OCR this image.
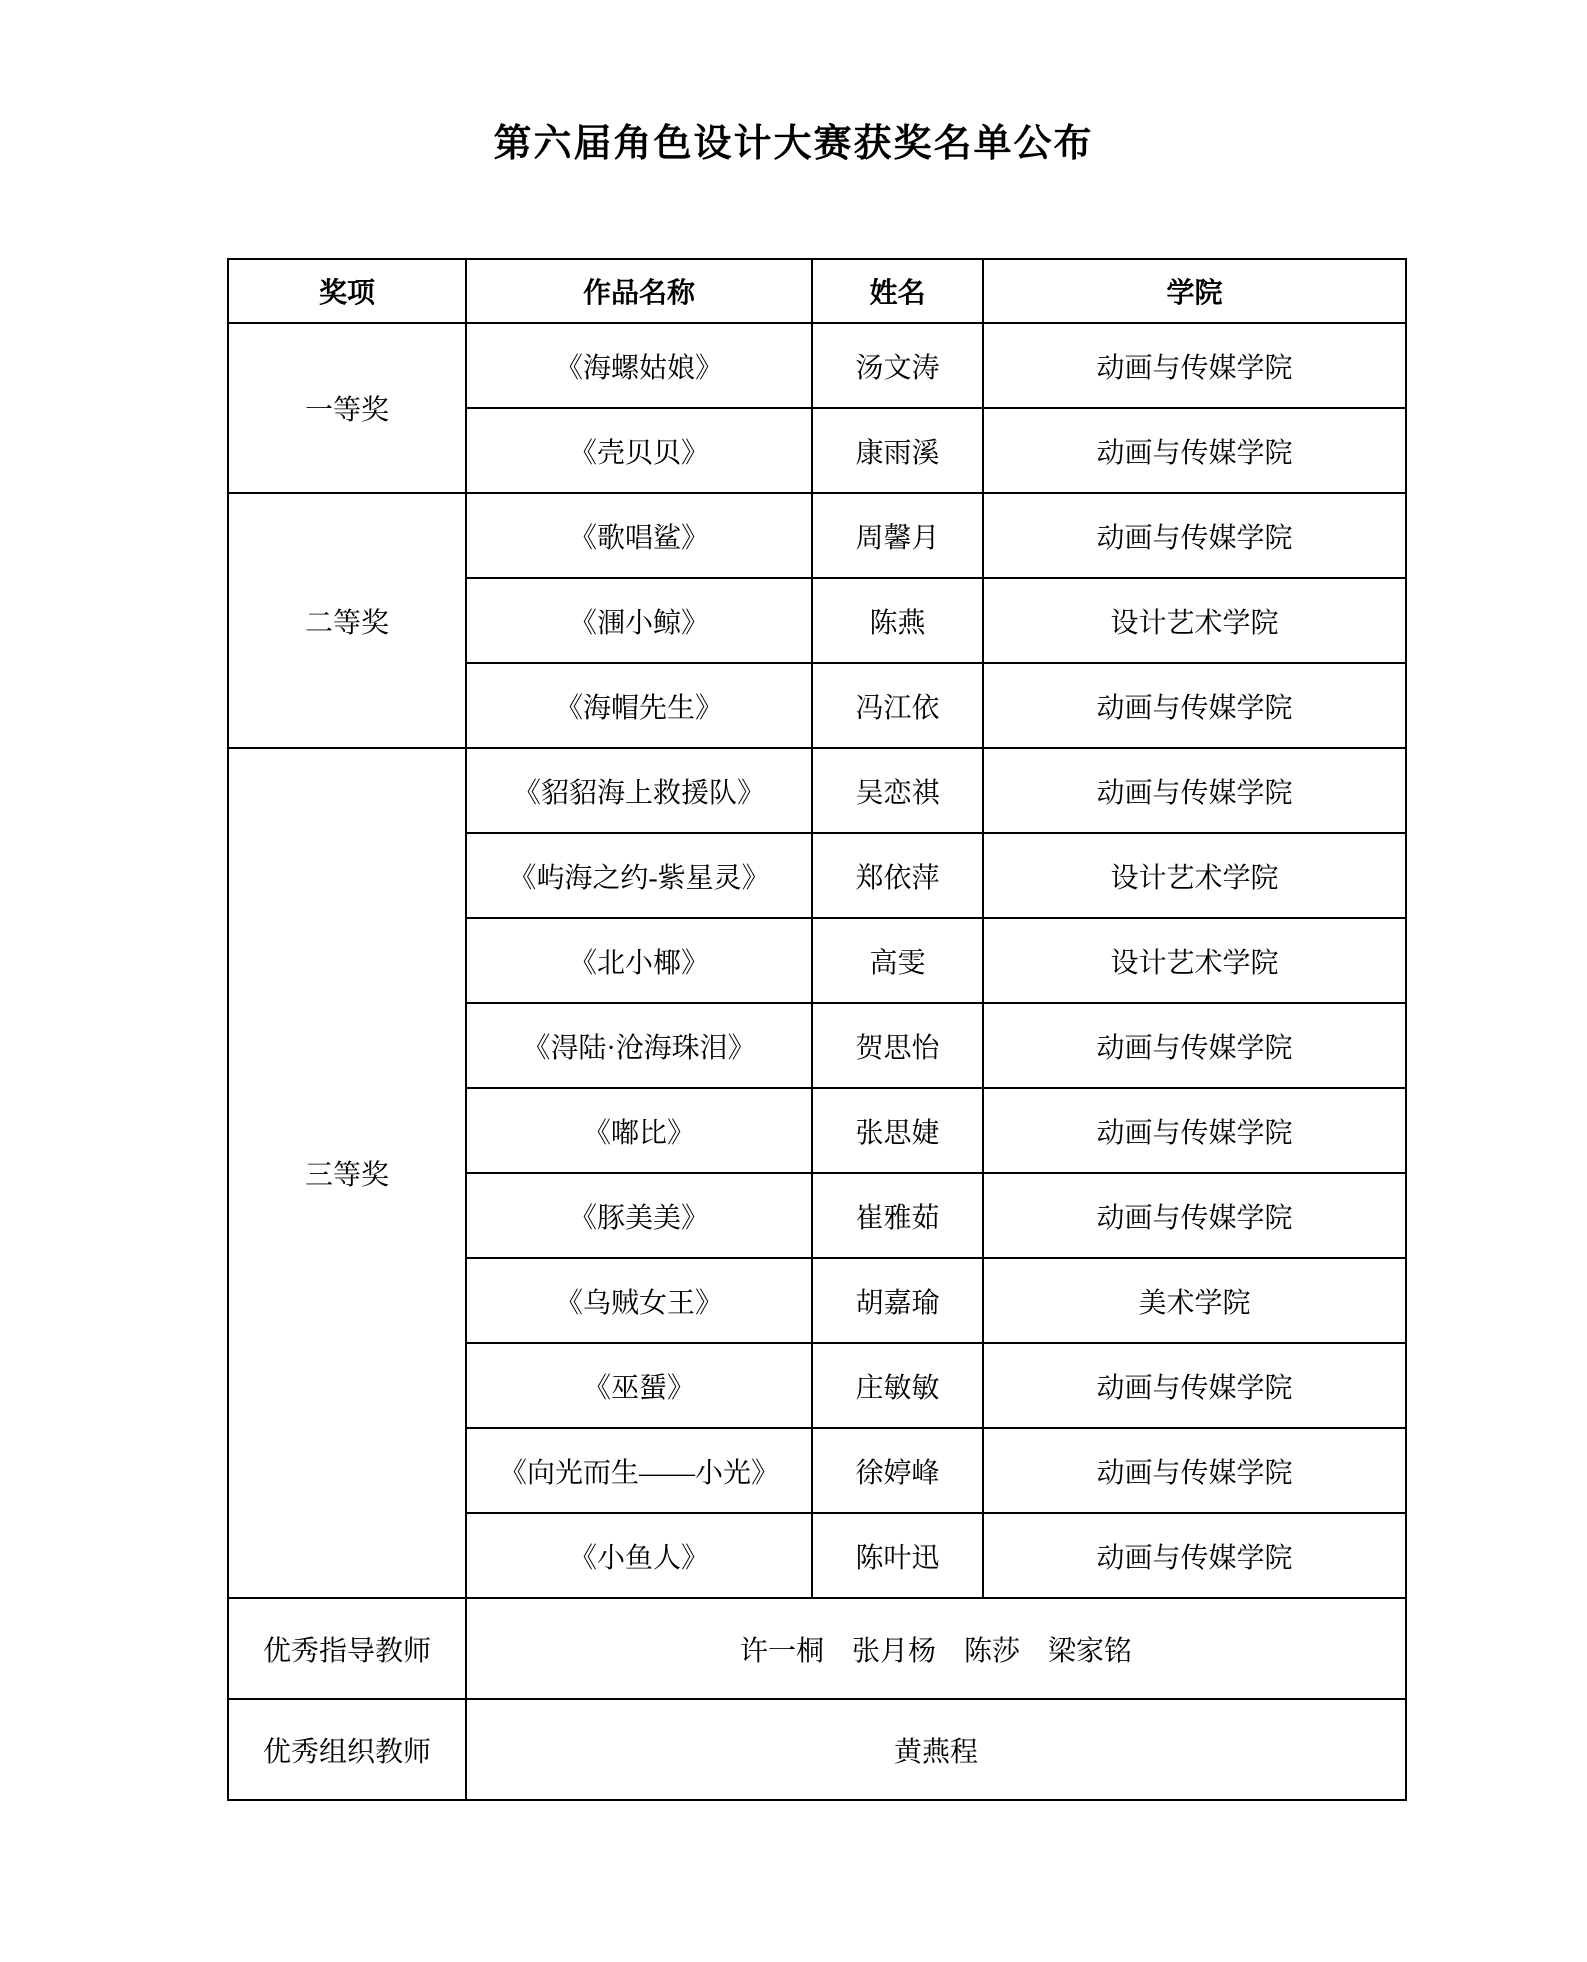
第六届角色设计大赛获奖名单公布
奖项	作品名称	姓名	学院
一等奖	《海螺姑娘》	汤文涛	动画与传媒学院
	《壳贝贝》	康雨溪	动画与传媒学院
二等奖	《歌唱鲨》	周馨月	动画与传媒学院
	《涠小鲸》	陈燕	设计艺术学院
	《海帽先生》	冯江依	动画与传媒学院
三等奖	《貂貂海上救援队》	吴恋祺	动画与传媒学院
	《屿海之约-紫星灵》	郑依萍	设计艺术学院
	《北小椰》	高雯	设计艺术学院
	《淂陆·沧海珠泪》	贺思怡	动画与传媒学院
	《嘟比》	张思婕	动画与传媒学院
	《豚美美》	崔雅茹	动画与传媒学院
	《乌贼女王》	胡嘉瑜	美术学院
	《巫蜑》	庄敏敏	动画与传媒学院
	《向光而生——小光》	徐婷峰	动画与传媒学院
	《小鱼人》	陈叶迅	动画与传媒学院
优秀指导教师	许一桐　张月杨　陈莎　梁家铭		
优秀组织教师	黄燕程		
